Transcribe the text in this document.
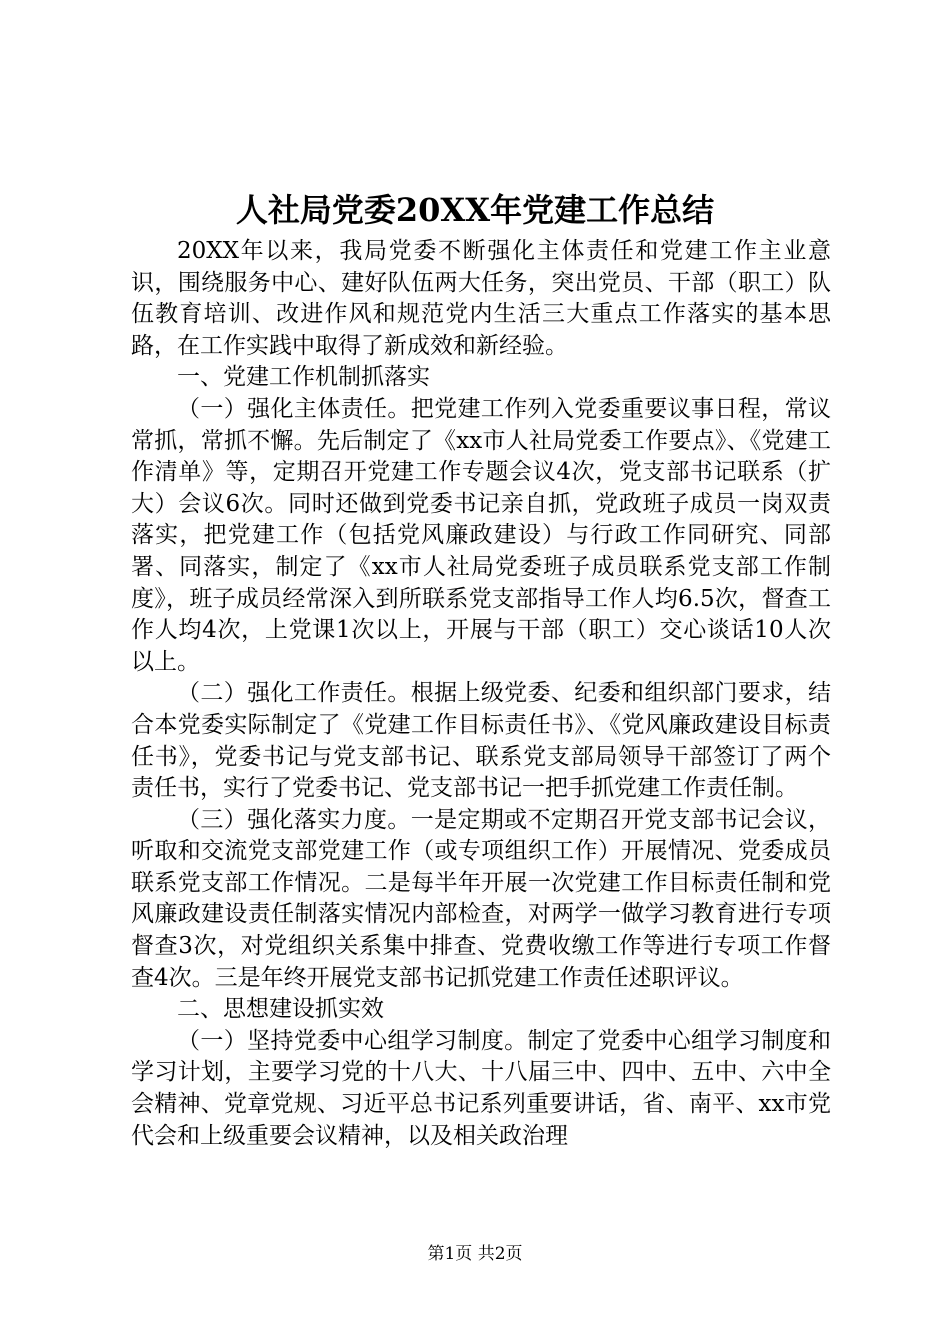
人社局党委20XX年党建工作总结

20XX年以来，我局党委不断强化主体责任和党建工作主业意识，围绕服务中心、建好队伍两大任务，突出党员、干部（职工）队伍教育培训、改进作风和规范党内生活三大重点工作落实的基本思路，在工作实践中取得了新成效和新经验。

一、党建工作机制抓落实

（一）强化主体责任。把党建工作列入党委重要议事日程，常议常抓，常抓不懈。先后制定了《xx市人社局党委工作要点》、《党建工作清单》等，定期召开党建工作专题会议4次，党支部书记联系（扩大）会议6次。同时还做到党委书记亲自抓，党政班子成员一岗双责落实，把党建工作（包括党风廉政建设）与行政工作同研究、同部署、同落实，制定了《xx市人社局党委班子成员联系党支部工作制度》，班子成员经常深入到所联系党支部指导工作人均6.5次，督查工作人均4次，上党课1次以上，开展与干部（职工）交心谈话10人次以上。

（二）强化工作责任。根据上级党委、纪委和组织部门要求，结合本党委实际制定了《党建工作目标责任书》、《党风廉政建设目标责任书》，党委书记与党支部书记、联系党支部局领导干部签订了两个责任书，实行了党委书记、党支部书记一把手抓党建工作责任制。

（三）强化落实力度。一是定期或不定期召开党支部书记会议，听取和交流党支部党建工作（或专项组织工作）开展情况、党委成员联系党支部工作情况。二是每半年开展一次党建工作目标责任制和党风廉政建设责任制落实情况内部检查，对两学一做学习教育进行专项督查3次，对党组织关系集中排查、党费收缴工作等进行专项工作督查4次。三是年终开展党支部书记抓党建工作责任述职评议。

二、思想建设抓实效

（一）坚持党委中心组学习制度。制定了党委中心组学习制度和学习计划，主要学习党的十八大、十八届三中、四中、五中、六中全会精神、党章党规、习近平总书记系列重要讲话，省、南平、xx市党代会和上级重要会议精神，以及相关政治理

第1页 共2页
